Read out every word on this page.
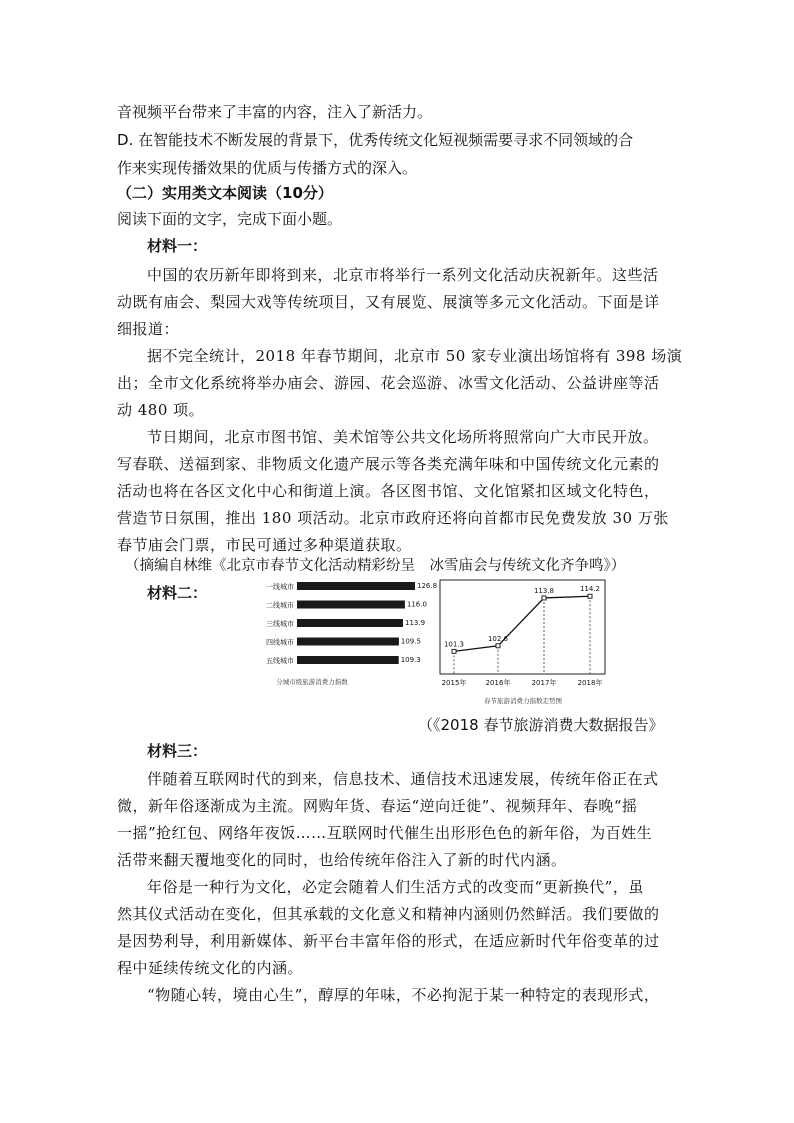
音视频平台带来了丰富的内容，注入了新活力。
D. 在智能技术不断发展的背景下，优秀传统文化短视频需要寻求不同领域的合
作来实现传播效果的优质与传播方式的深入。
（二）实用类文本阅读（10分）
阅读下面的文字，完成下面小题。
材料一：
中国的农历新年即将到来，北京市将举行一系列文化活动庆祝新年。这些活
动既有庙会、梨园大戏等传统项目，又有展览、展演等多元文化活动。下面是详
细报道：
据不完全统计，2018 年春节期间，北京市 50 家专业演出场馆将有 398 场演
出；全市文化系统将举办庙会、游园、花会巡游、冰雪文化活动、公益讲座等活
动 480 项。
节日期间，北京市图书馆、美术馆等公共文化场所将照常向广大市民开放。
写春联、送福到家、非物质文化遗产展示等各类充满年味和中国传统文化元素的
活动也将在各区文化中心和街道上演。各区图书馆、文化馆紧扣区域文化特色，
营造节日氛围，推出 180 项活动。北京市政府还将向首都市民免费发放 30 万张
春节庙会门票，市民可通过多种渠道获取。
（摘编自林维《北京市春节文化活动精彩纷呈　冰雪庙会与传统文化齐争鸣》）
材料二：	一线城市	126.8
二线城市	116.0
三线城市	113.9
四线城市	109.5
五线城市	109.3
分城市级旅游消费力指数
101.3
2015年
102.6
2016年
113.8
2017年
114.2
2018年
春节旅游消费力指数走势图
（《2018 春节旅游消费大数据报告》
材料三：
伴随着互联网时代的到来，信息技术、通信技术迅速发展，传统年俗正在式
微，新年俗逐渐成为主流。网购年货、春运“逆向迁徙”、视频拜年、春晚“摇
一摇”抢红包、网络年夜饭……互联网时代催生出形形色色的新年俗，为百姓生
活带来翻天覆地变化的同时，也给传统年俗注入了新的时代内涵。
年俗是一种行为文化，必定会随着人们生活方式的改变而“更新换代”，虽
然其仪式活动在变化，但其承载的文化意义和精神内涵则仍然鲜活。我们要做的
是因势利导，利用新媒体、新平台丰富年俗的形式，在适应新时代年俗变革的过
程中延续传统文化的内涵。
“物随心转，境由心生”，醇厚的年味，不必拘泥于某一种特定的表现形式，
